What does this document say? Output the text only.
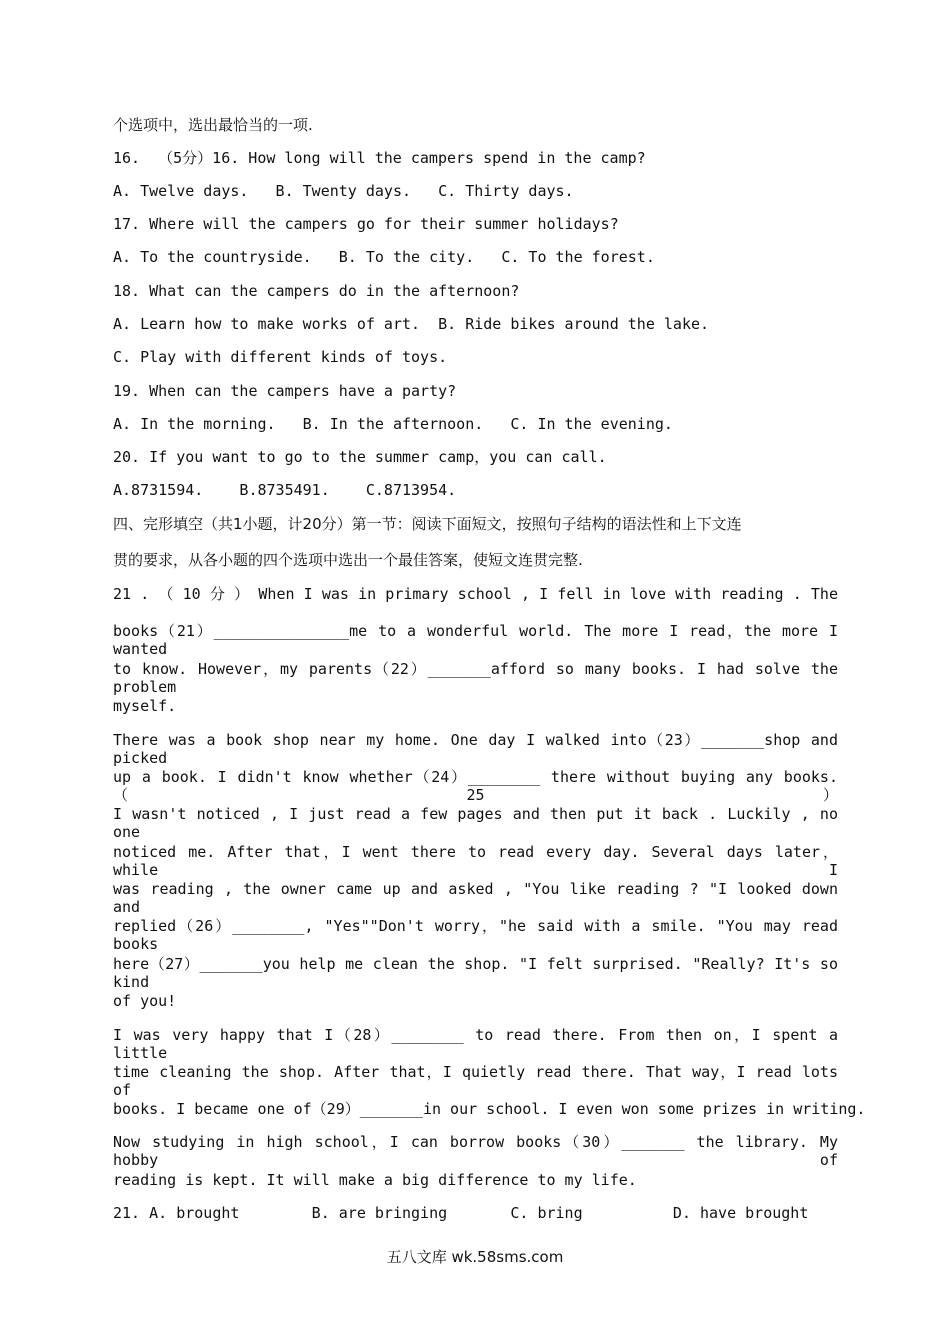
个选项中，选出最恰当的一项.
16.  （5分）16. How long will the campers spend in the camp?
A. Twelve days.   B. Twenty days.   C. Thirty days.
17. Where will the campers go for their summer holidays?
A. To the countryside.   B. To the city.   C. To the forest.
18. What can the campers do in the afternoon?
A. Learn how to make works of art.  B. Ride bikes around the lake.
C. Play with different kinds of toys.
19. When can the campers have a party?
A. In the morning.   B. In the afternoon.   C. In the evening.
20. If you want to go to the summer camp，you can call.
A.8731594.    B.8735491.    C.8713954.
四、完形填空（共1小题，计20分）第一节：阅读下面短文，按照句子结构的语法性和上下文连
贯的要求，从各小题的四个选项中选出一个最佳答案，使短文连贯完整.
21 . （ 10 分 ） When I was in primary school , I fell in love with reading . The
books（21）_______________me to a wonderful world. The more I read，the more I wanted
to know. However，my parents（22）_______afford so many books. I had solve the problem
myself.
There was a book shop near my home. One day I walked into（23）_______shop and picked
up a book. I didn't know whether（24）________ there without buying any books. （25）
I wasn't noticed , I just read a few pages and then put it back . Luckily , no one
noticed me. After that，I went there to read every day. Several days later，while I
was reading , the owner came up and asked , "You like reading ? "I looked down and
replied（26）________, "Yes""Don't worry，"he said with a smile. "You may read books
here（27）_______you help me clean the shop. "I felt surprised. "Really? It's so kind
of you!
I was very happy that I（28）________ to read there. From then on，I spent a little
time cleaning the shop. After that，I quietly read there. That way，I read lots of
books. I became one of（29）_______in our school. I even won some prizes in writing.
Now studying in high school，I can borrow books（30）_______ the library. My hobby of
reading is kept. It will make a big difference to my life.
21. A. brought        B. are bringing       C. bring          D. have brought
五八文库 wk.58sms.com
